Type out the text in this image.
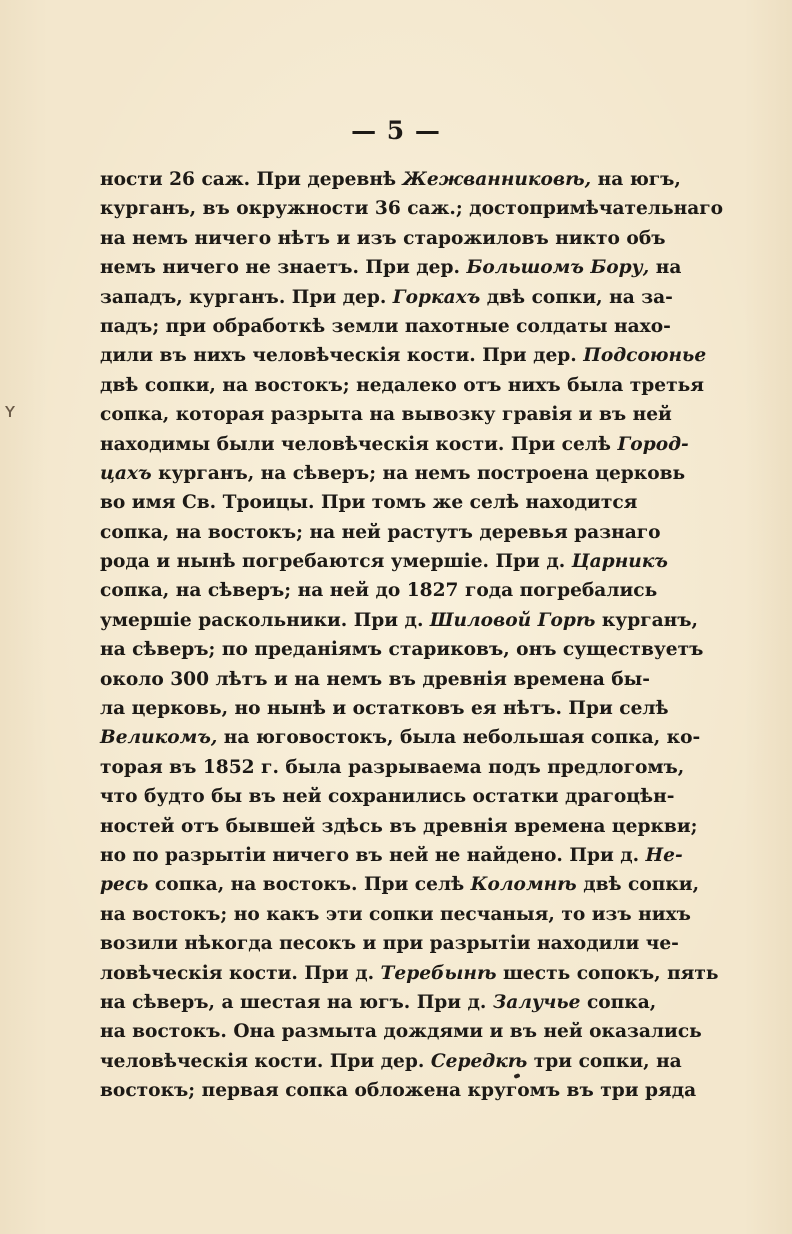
— 5 —
ʏ
ности 26 саж. При деревнѣ Жежванниковѣ, на югъ,
курганъ, въ окружности 36 саж.; достопримѣчательнаго
на немъ ничего нѣтъ и изъ старожиловъ никто объ
немъ ничего не знаетъ. При дер. Большомъ Бору, на
западъ, курганъ. При дер. Горкахъ двѣ сопки, на за-
падъ; при обработкѣ земли пахотные солдаты нахо-
дили въ нихъ человѣческія кости. При дер. Подсоюнье
двѣ сопки, на востокъ; недалеко отъ нихъ была третья
сопка, которая разрыта на вывозку гравія и въ ней
находимы были человѣческія кости. При селѣ Город-
цахъ курганъ, на сѣверъ; на немъ построена церковь
во имя Св. Троицы. При томъ же селѣ находится
сопка, на востокъ; на ней растутъ деревья разнаго
рода и нынѣ погребаются умершіе. При д. Царникъ
сопка, на сѣверъ; на ней до 1827 года погребались
умершіе раскольники. При д. Шиловой Горѣ курганъ,
на сѣверъ; по преданіямъ стариковъ, онъ существуетъ
около 300 лѣтъ и на немъ въ древнія времена бы-
ла церковь, но нынѣ и остатковъ ея нѣтъ. При селѣ
Великомъ, на юговостокъ, была небольшая сопка, ко-
торая въ 1852 г. была разрываема подъ предлогомъ,
что будто бы въ ней сохранились остатки драгоцѣн-
ностей отъ бывшей здѣсь въ древнія времена церкви;
но по разрытіи ничего въ ней не найдено. При д. Не-
ресь сопка, на востокъ. При селѣ Коломнѣ двѣ сопки,
на востокъ; но какъ эти сопки песчаныя, то изъ нихъ
возили нѣкогда песокъ и при разрытіи находили че-
ловѣческія кости. При д. Теребынѣ шесть сопокъ, пять
на сѣверъ, а шестая на югъ. При д. Залучье сопка,
на востокъ. Она размыта дождями и въ ней оказались
человѣческія кости. При дер. Середкѣ три сопки, на
востокъ; первая сопка обложена кругомъ въ три ряда
